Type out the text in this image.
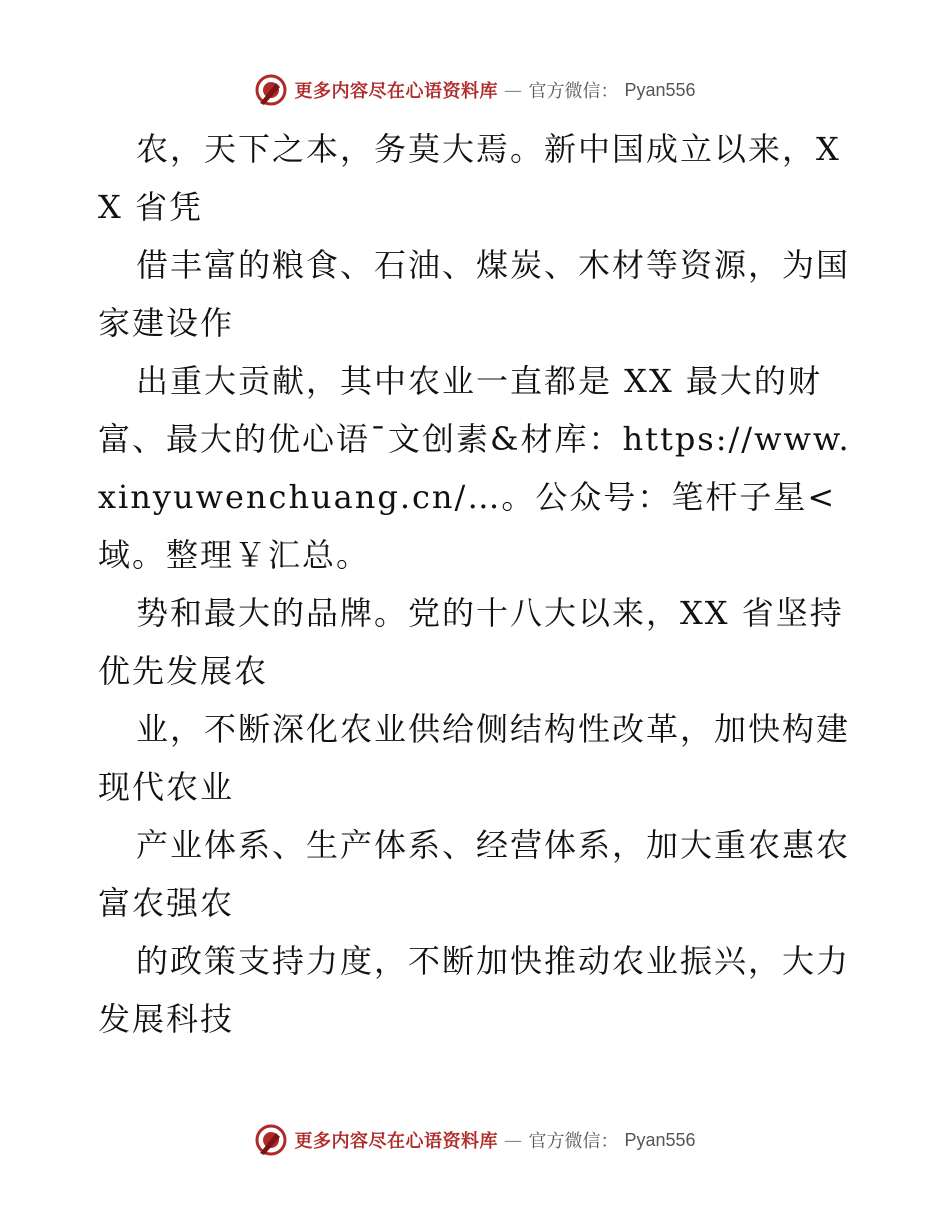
更多内容尽在心语资料库 — 官方微信： Pyan556

农，天下之本，务莫大焉。新中国成立以来，XX 省凭

借丰富的粮食、石油、煤炭、木材等资源，为国家建设作

出重大贡献，其中农业一直都是 XX 最大的财富、最大的优心语¯文创素&材库：https://www.xinyuwenchuang.cn/…。公众号：笔杆子星<域。整理￥汇总。

势和最大的品牌。党的十八大以来，XX 省坚持优先发展农

业，不断深化农业供给侧结构性改革，加快构建现代农业

产业体系、生产体系、经营体系，加大重农惠农富农强农

的政策支持力度，不断加快推动农业振兴，大力发展科技

更多内容尽在心语资料库 — 官方微信： Pyan556
